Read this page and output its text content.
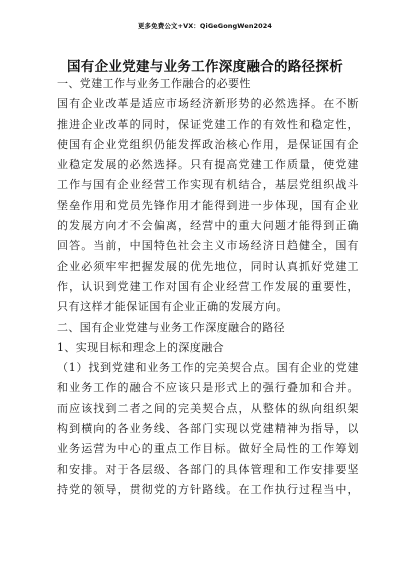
更多免费公文+VX：QiGeGongWen2024
国有企业党建与业务工作深度融合的路径探析
一、党建工作与业务工作融合的必要性
国有企业改革是适应市场经济新形势的必然选择。在不断
推进企业改革的同时，保证党建工作的有效性和稳定性，
使国有企业党组织仍能发挥政治核心作用，是保证国有企
业稳定发展的必然选择。只有提高党建工作质量，使党建
工作与国有企业经营工作实现有机结合，基层党组织战斗
堡垒作用和党员先锋作用才能得到进一步体现，国有企业
的发展方向才不会偏离，经营中的重大问题才能得到正确
回答。当前，中国特色社会主义市场经济日趋健全，国有
企业必须牢牢把握发展的优先地位，同时认真抓好党建工
作，认识到党建工作对国有企业经营工作发展的重要性，
只有这样才能保证国有企业正确的发展方向。
二、国有企业党建与业务工作深度融合的路径
1、实现目标和理念上的深度融合
（1）找到党建和业务工作的完美契合点。国有企业的党建
和业务工作的融合不应该只是形式上的强行叠加和合并。
而应该找到二者之间的完美契合点，从整体的纵向组织架
构到横向的各业务线、各部门实现以党建精神为指导，以
业务运营为中心的重点工作目标。做好全局性的工作筹划
和安排。对于各层级、各部门的具体管理和工作安排要坚
持党的领导，贯彻党的方针路线。在工作执行过程当中，
